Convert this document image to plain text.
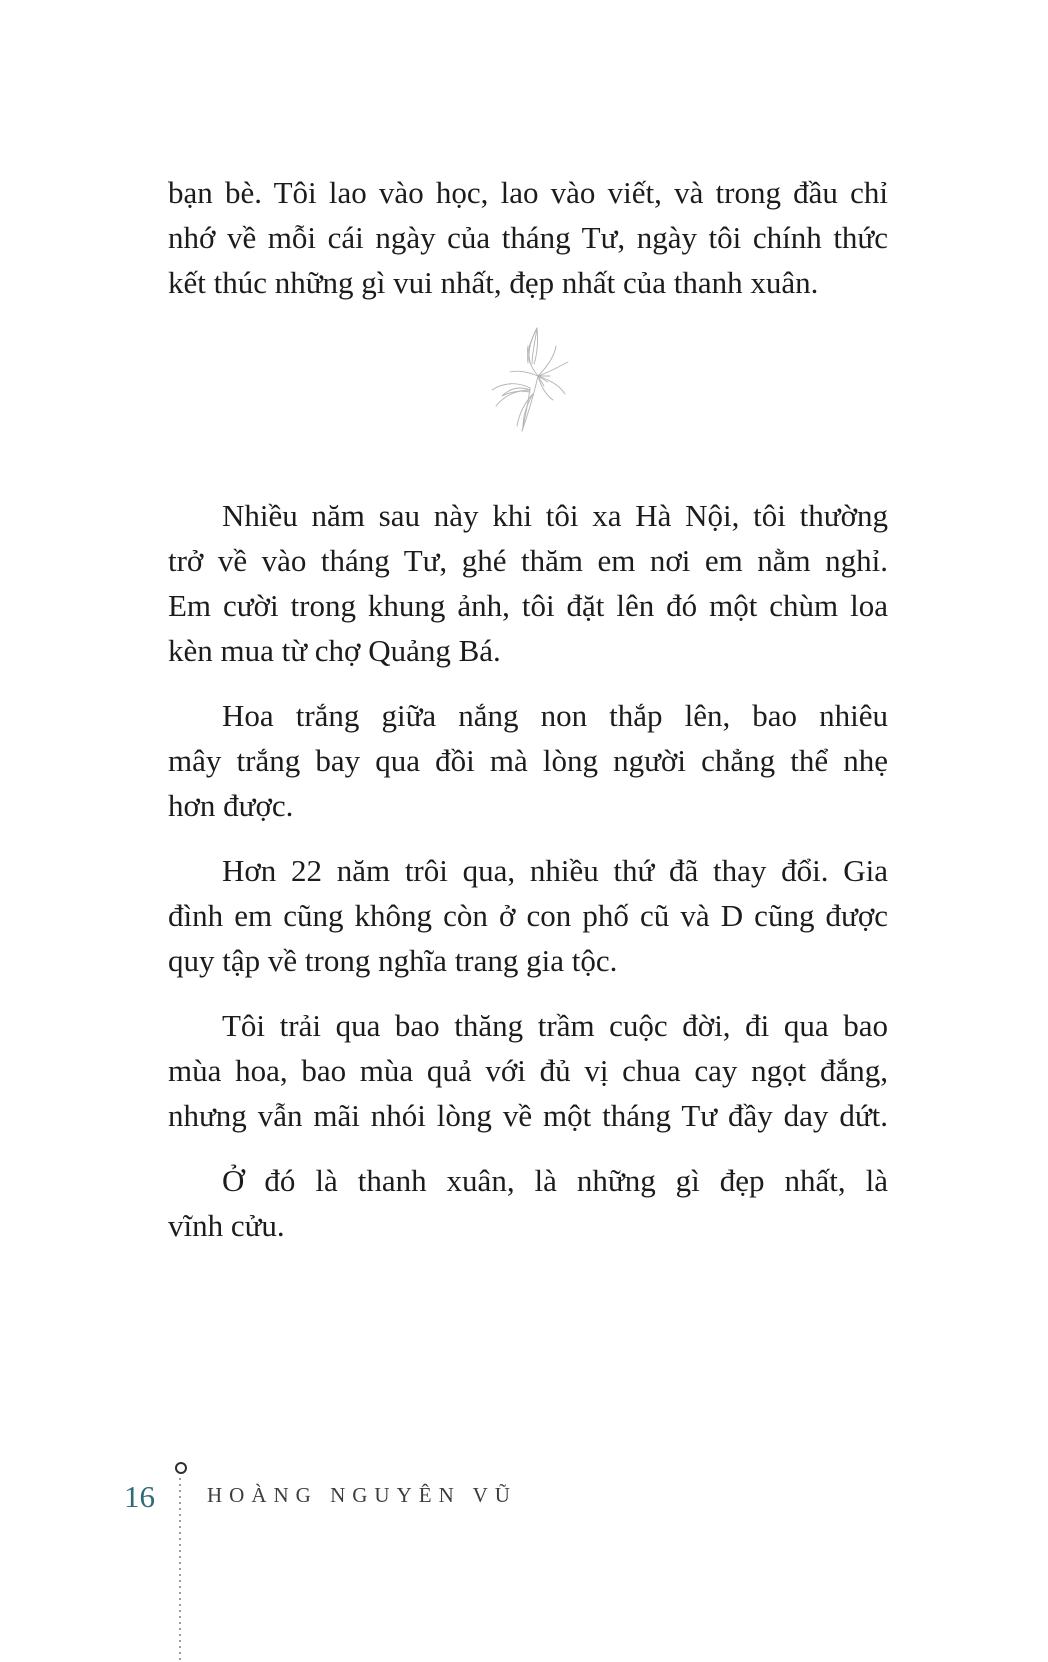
bạn bè. Tôi lao vào học, lao vào viết, và trong đầu chỉ
nhớ về mỗi cái ngày của tháng Tư, ngày tôi chính thức
kết thúc những gì vui nhất, đẹp nhất của thanh xuân.
Nhiều năm sau này khi tôi xa Hà Nội, tôi thường
trở về vào tháng Tư, ghé thăm em nơi em nằm nghỉ.
Em cười trong khung ảnh, tôi đặt lên đó một chùm loa
kèn mua từ chợ Quảng Bá.
Hoa trắng giữa nắng non thắp lên, bao nhiêu
mây trắng bay qua đồi mà lòng người chẳng thể nhẹ
hơn được.
Hơn 22 năm trôi qua, nhiều thứ đã thay đổi. Gia
đình em cũng không còn ở con phố cũ và D cũng được
quy tập về trong nghĩa trang gia tộc.
Tôi trải qua bao thăng trầm cuộc đời, đi qua bao
mùa hoa, bao mùa quả với đủ vị chua cay ngọt đắng,
nhưng vẫn mãi nhói lòng về một tháng Tư đầy day dứt.
Ở đó là thanh xuân, là những gì đẹp nhất, là
vĩnh cửu.
16 HOÀNG NGUYÊN VŨ
